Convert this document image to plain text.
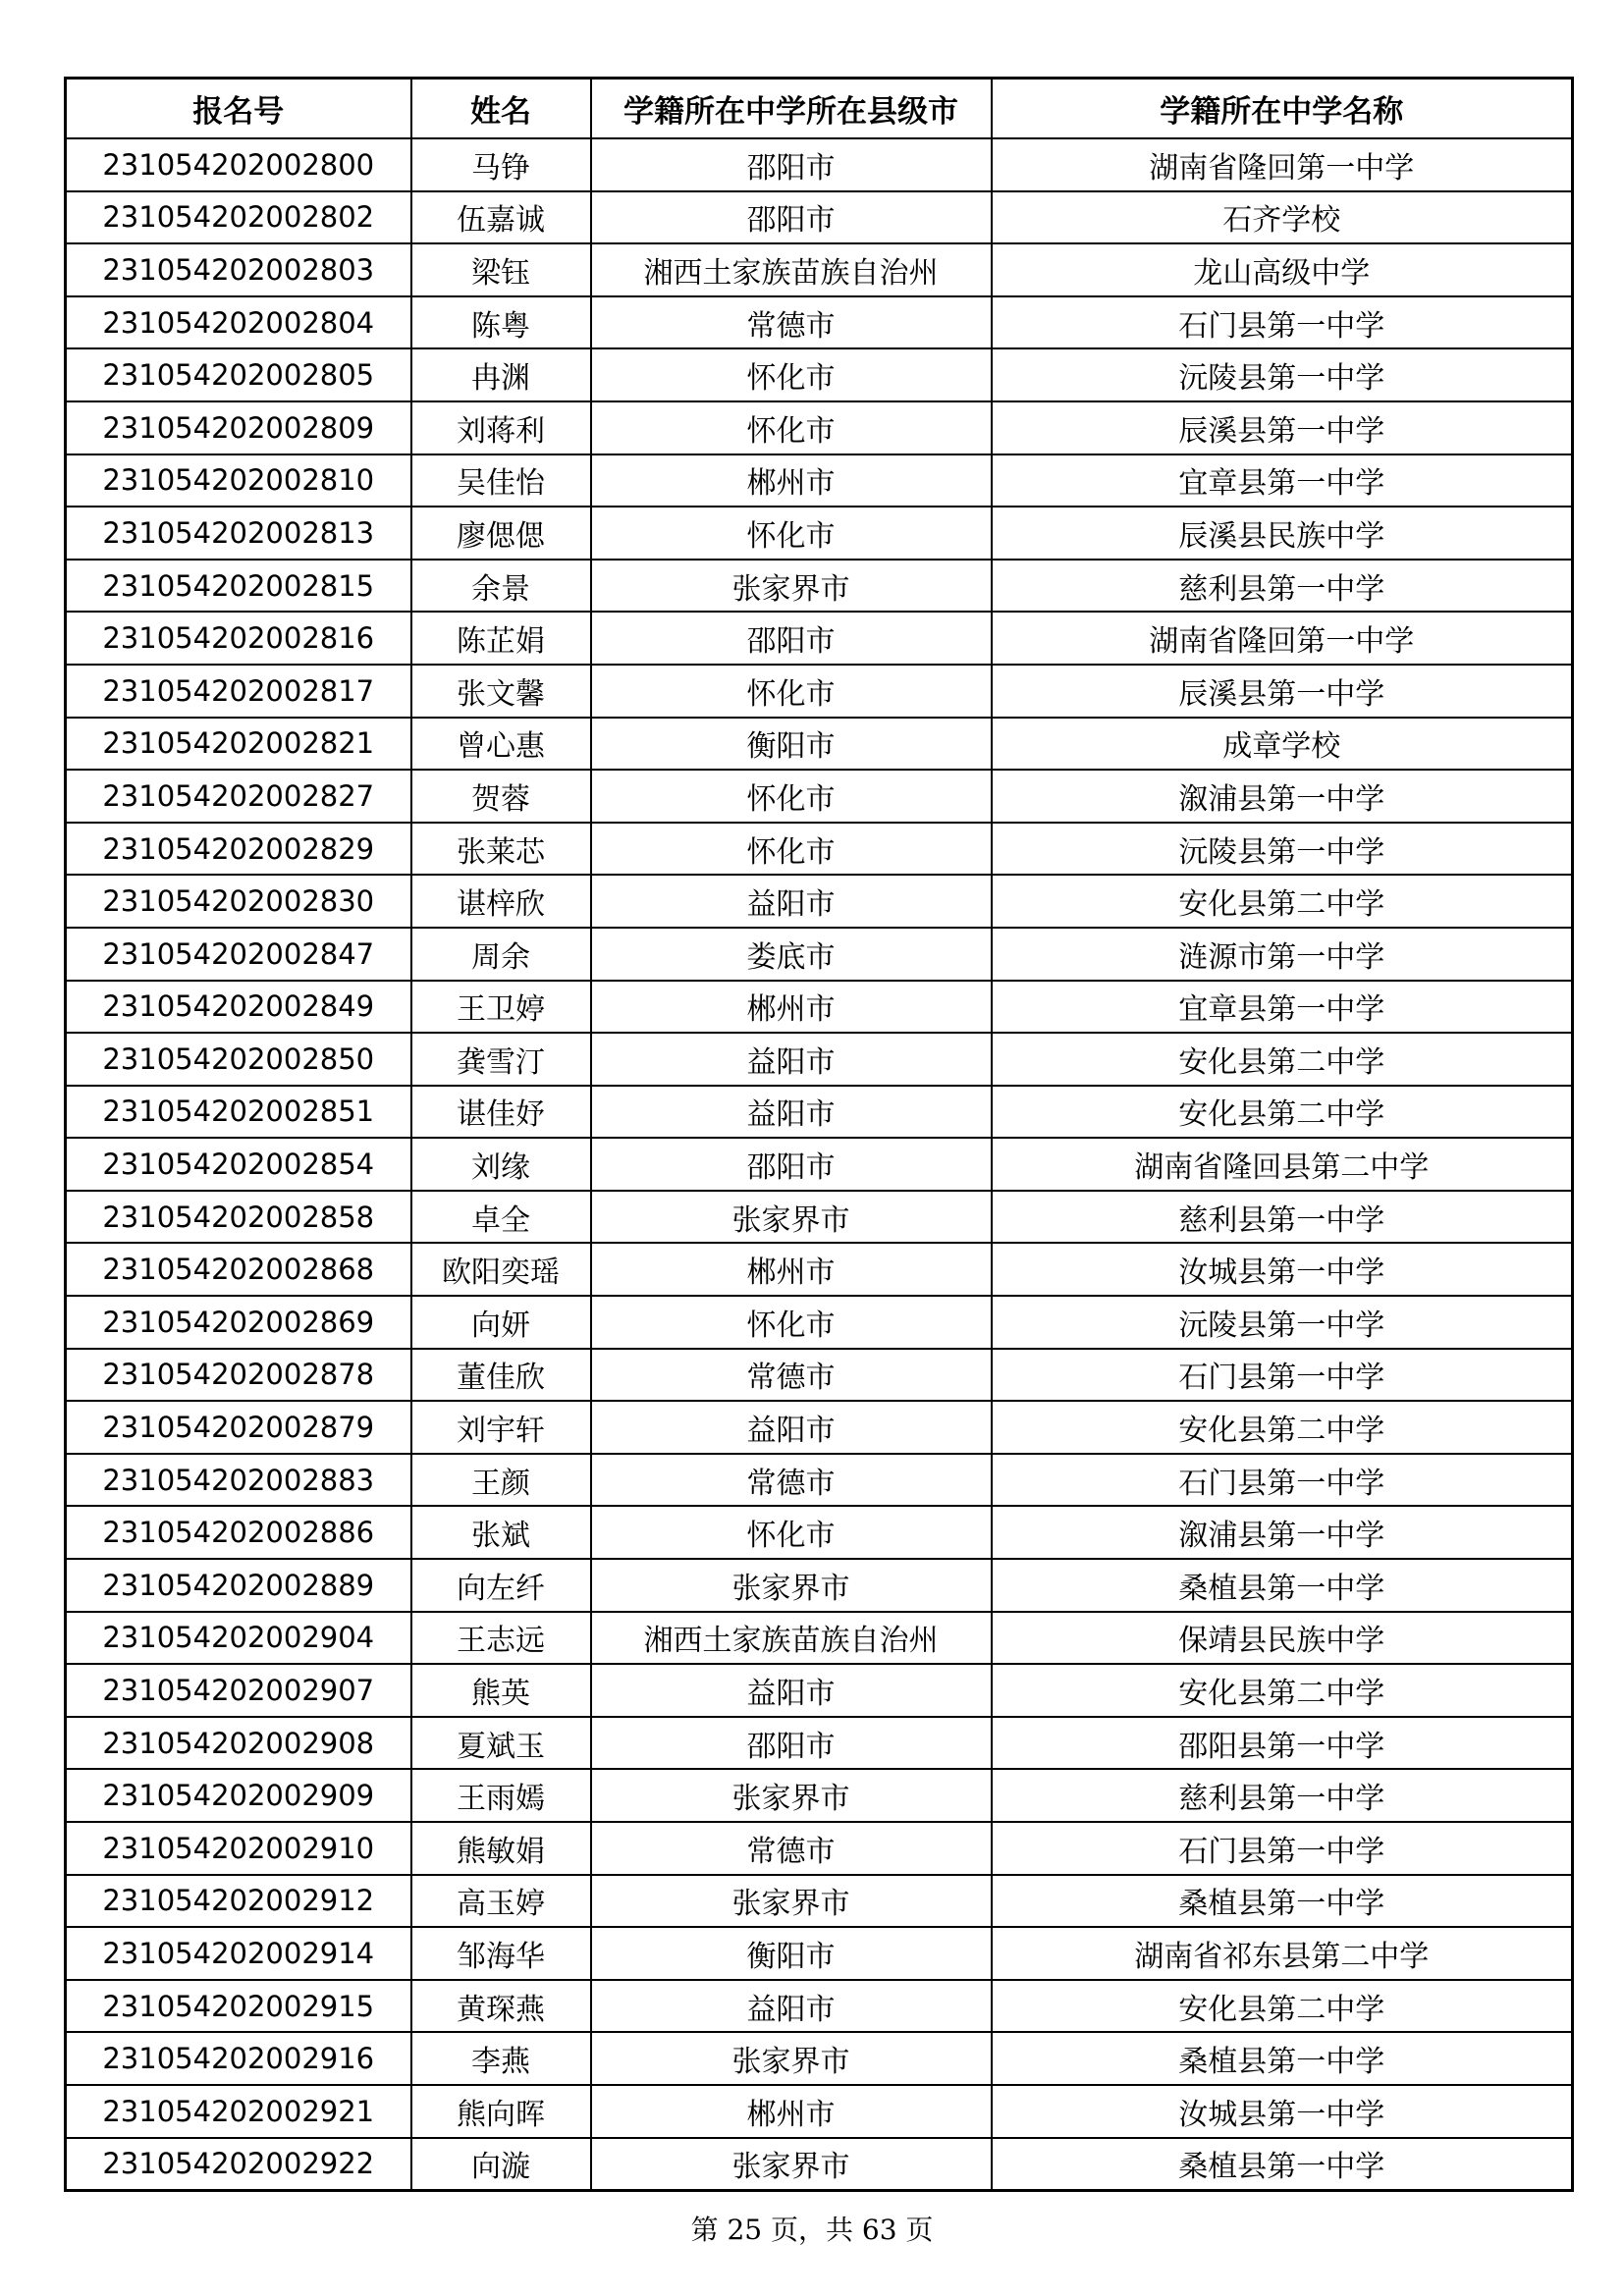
报名号	姓名	学籍所在中学所在县级市	学籍所在中学名称
231054202002800	马铮	邵阳市	湖南省隆回第一中学
231054202002802	伍嘉诚	邵阳市	石齐学校
231054202002803	梁钰	湘西土家族苗族自治州	龙山高级中学
231054202002804	陈粤	常德市	石门县第一中学
231054202002805	冉渊	怀化市	沅陵县第一中学
231054202002809	刘蒋利	怀化市	辰溪县第一中学
231054202002810	吴佳怡	郴州市	宜章县第一中学
231054202002813	廖偲偲	怀化市	辰溪县民族中学
231054202002815	余景	张家界市	慈利县第一中学
231054202002816	陈芷娟	邵阳市	湖南省隆回第一中学
231054202002817	张文馨	怀化市	辰溪县第一中学
231054202002821	曾心惠	衡阳市	成章学校
231054202002827	贺蓉	怀化市	溆浦县第一中学
231054202002829	张莱芯	怀化市	沅陵县第一中学
231054202002830	谌梓欣	益阳市	安化县第二中学
231054202002847	周余	娄底市	涟源市第一中学
231054202002849	王卫婷	郴州市	宜章县第一中学
231054202002850	龚雪汀	益阳市	安化县第二中学
231054202002851	谌佳妤	益阳市	安化县第二中学
231054202002854	刘缘	邵阳市	湖南省隆回县第二中学
231054202002858	卓全	张家界市	慈利县第一中学
231054202002868	欧阳奕瑶	郴州市	汝城县第一中学
231054202002869	向妍	怀化市	沅陵县第一中学
231054202002878	董佳欣	常德市	石门县第一中学
231054202002879	刘宇轩	益阳市	安化县第二中学
231054202002883	王颜	常德市	石门县第一中学
231054202002886	张斌	怀化市	溆浦县第一中学
231054202002889	向左纤	张家界市	桑植县第一中学
231054202002904	王志远	湘西土家族苗族自治州	保靖县民族中学
231054202002907	熊英	益阳市	安化县第二中学
231054202002908	夏斌玉	邵阳市	邵阳县第一中学
231054202002909	王雨嫣	张家界市	慈利县第一中学
231054202002910	熊敏娟	常德市	石门县第一中学
231054202002912	高玉婷	张家界市	桑植县第一中学
231054202002914	邹海华	衡阳市	湖南省祁东县第二中学
231054202002915	黄琛燕	益阳市	安化县第二中学
231054202002916	李燕	张家界市	桑植县第一中学
231054202002921	熊向晖	郴州市	汝城县第一中学
231054202002922	向漩	张家界市	桑植县第一中学
第 25 页，共 63 页
